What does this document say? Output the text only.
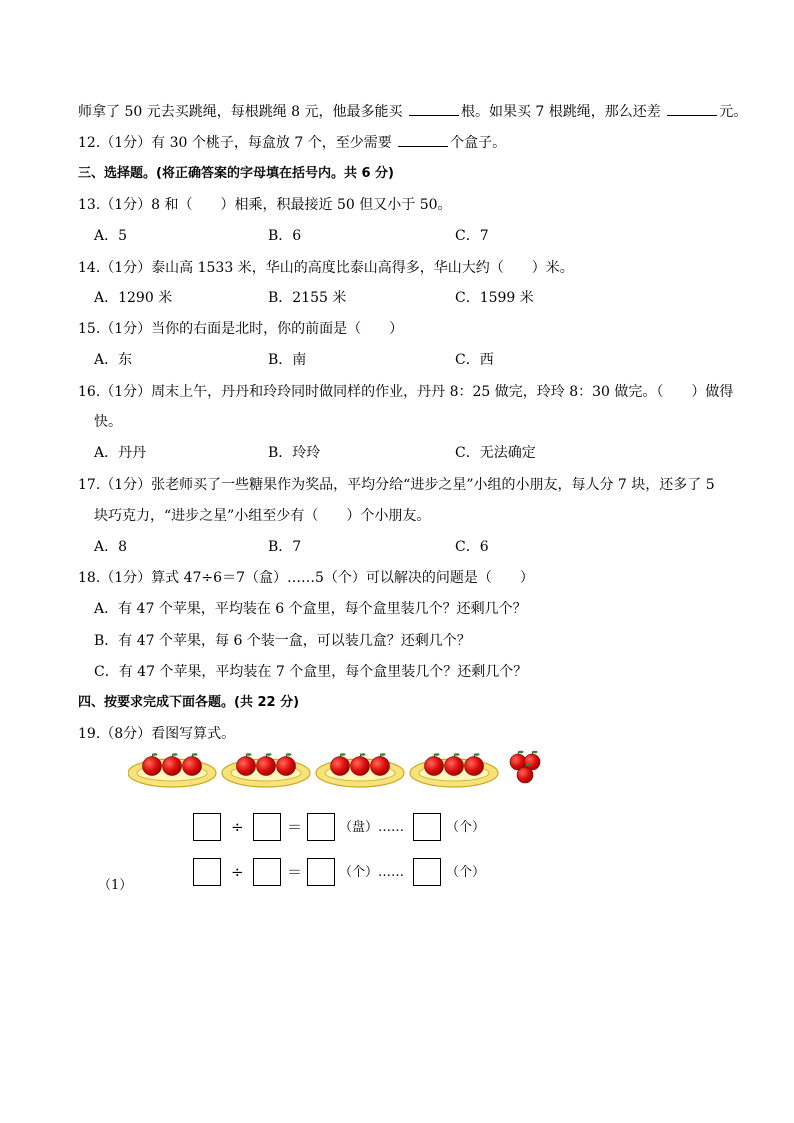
师拿了 50 元去买跳绳，每根跳绳 8 元，他最多能买	根。如果买 7 根跳绳，那么还差	元。
12.（1分）有 30 个桃子，每盒放 7 个，至少需要	个盒子。
三、选择题。(将正确答案的字母填在括号内。共 6 分)
13.（1分）8 和（　　）相乘，积最接近 50 但又小于 50。
A．5	B．6	C．7
14.（1分）泰山高 1533 米，华山的高度比泰山高得多，华山大约（　　）米。
A．1290 米	B．2155 米	C．1599 米
15.（1分）当你的右面是北时，你的前面是（　　）
A．东	B．南	C．西
16.（1分）周末上午，丹丹和玲玲同时做同样的作业，丹丹 8：25 做完，玲玲 8：30 做完。（　　）做得
快。
A．丹丹	B．玲玲	C．无法确定
17.（1分）张老师买了一些糖果作为奖品，平均分给“进步之星”小组的小朋友，每人分 7 块，还多了 5
块巧克力，“进步之星”小组至少有（　　）个小朋友。
A．8	B．7	C．6
18.（1分）算式 47÷6＝7（盒）……5（个）可以解决的问题是（　　）
A．有 47 个苹果，平均装在 6 个盒里，每个盒里装几个？还剩几个？
B．有 47 个苹果，每 6 个装一盒，可以装几盒？还剩几个？
C．有 47 个苹果，平均装在 7 个盒里，每个盒里装几个？还剩几个？
四、按要求完成下面各题。(共 22 分)
19.（8分）看图写算式。
÷	＝	（盘）……	（个）
÷	＝	（个）……	（个）
（1）
